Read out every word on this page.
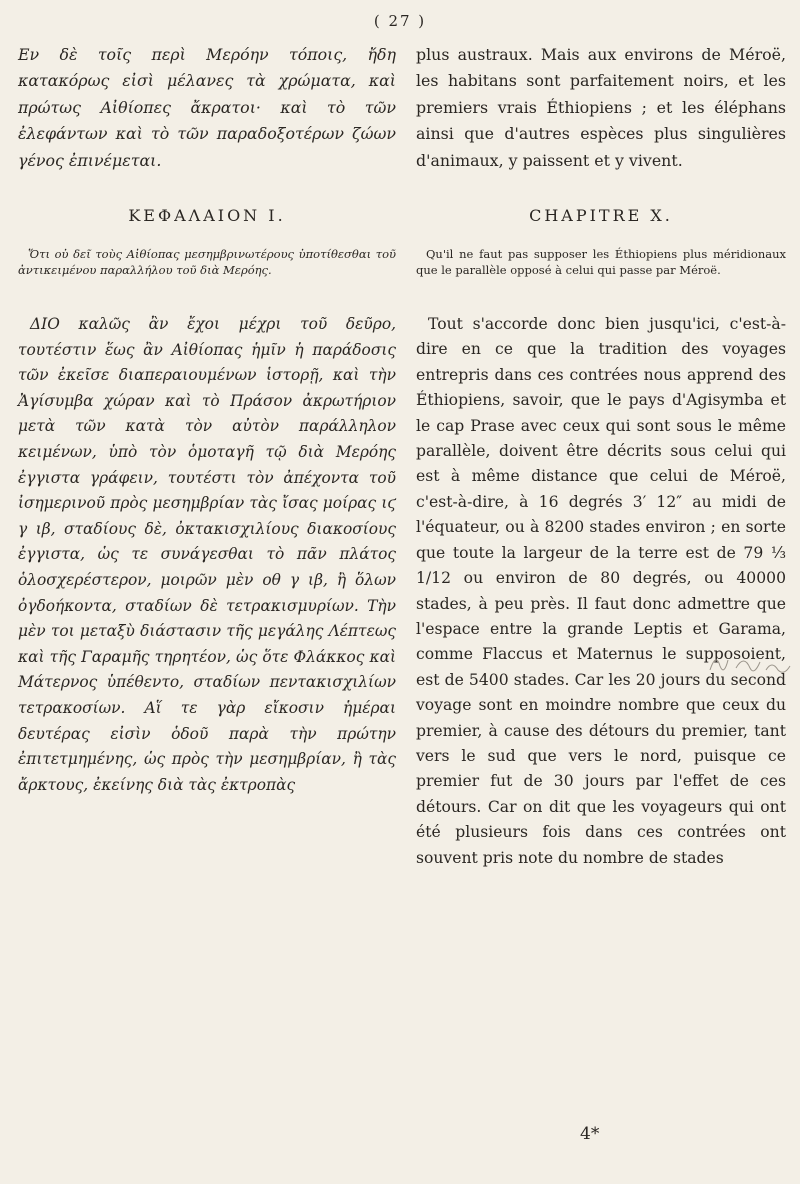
( 27 )

Εν δὲ τοῖς περὶ Μερόην τόποις, ἤδη κατακόρως εἰσὶ μέλανες τὰ χρώματα, καὶ πρώτως Αἰθίοπες ἄκρατοι· καὶ τὸ τῶν ἐλεφάντων καὶ τὸ τῶν παραδοξοτέρων ζώων γένος ἐπινέμεται.

ΚΕΦΑΛΑΙΟΝ Ι.

Ὅτι οὐ δεῖ τοὺς Αἰθίοπας μεσημβρινωτέρους ὑποτίθεσθαι τοῦ ἀντικειμένου παραλλήλου τοῦ διὰ Μερόης.

ΔΙΟ καλῶς ἂν ἔχοι μέχρι τοῦ δεῦρο, τουτέστιν ἕως ἂν Αἰθίοπας ἡμῖν ἡ παράδοσις τῶν ἐκεῖσε διαπεραιουμένων ἱστορῇ, καὶ τὴν Ἀγίσυμβα χώραν καὶ τὸ Πράσον ἀκρωτήριον μετὰ τῶν κατὰ τὸν αὐτὸν παράλληλον κειμένων, ὑπὸ τὸν ὁμοταγῆ τῷ διὰ Μερόης ἐγγιστα γράφειν, τουτέστι τὸν ἀπέχοντα τοῦ ἰσημερινοῦ πρὸς μεσημβρίαν τὰς ἴσας μοίρας ιϛ γ ιβ, σταδίους δὲ, ὀκτακισχιλίους διακοσίους ἐγγιστα, ὡς τε συνάγεσθαι τὸ πᾶν πλάτος ὁλοσχερέστερον, μοιρῶν μὲν οθ γ ιβ, ἢ ὅλων ὀγδοήκοντα, σταδίων δὲ τετρακισμυρίων. Τὴν μὲν τοι μεταξὺ διάστασιν τῆς μεγάλης Λέπτεως καὶ τῆς Γαραμῆς τηρητέον, ὡς ὅτε Φλάκκος καὶ Μάτερνος ὑπέθεντο, σταδίων πεντακισχιλίων τετρακοσίων. Αἵ τε γὰρ εἴκοσιν ἡμέραι δευτέρας εἰσὶν ὁδοῦ παρὰ τὴν πρώτην ἐπιτετμημένης, ὡς πρὸς τὴν μεσημβρίαν, ἢ τὰς ἄρκτους, ἐκείνης διὰ τὰς ἐκτροπὰς

plus austraux. Mais aux environs de Méroë, les habitans sont parfaitement noirs, et les premiers vrais Éthiopiens ; et les éléphans ainsi que d'autres espèces plus singulières d'animaux, y paissent et y vivent.

CHAPITRE X.

Qu'il ne faut pas supposer les Éthiopiens plus méridionaux que le parallèle opposé à celui qui passe par Méroë.

Tout s'accorde donc bien jusqu'ici, c'est-à-dire en ce que la tradition des voyages entrepris dans ces contrées nous apprend des Éthiopiens, savoir, que le pays d'Agisymba et le cap Prase avec ceux qui sont sous le même parallèle, doivent être décrits sous celui qui est à même distance que celui de Méroë, c'est-à-dire, à 16 degrés 3′ 12″ au midi de l'équateur, ou à 8200 stades environ ; en sorte que toute la largeur de la terre est de 79 ⅓ 1/12 ou environ de 80 degrés, ou 40000 stades, à peu près. Il faut donc admettre que l'espace entre la grande Leptis et Garama, comme Flaccus et Maternus le supposoient, est de 5400 stades. Car les 20 jours du second voyage sont en moindre nombre que ceux du premier, à cause des détours du premier, tant vers le sud que vers le nord, puisque ce premier fut de 30 jours par l'effet de ces détours. Car on dit que les voyageurs qui ont été plusieurs fois dans ces contrées ont souvent pris note du nombre de stades

4*
